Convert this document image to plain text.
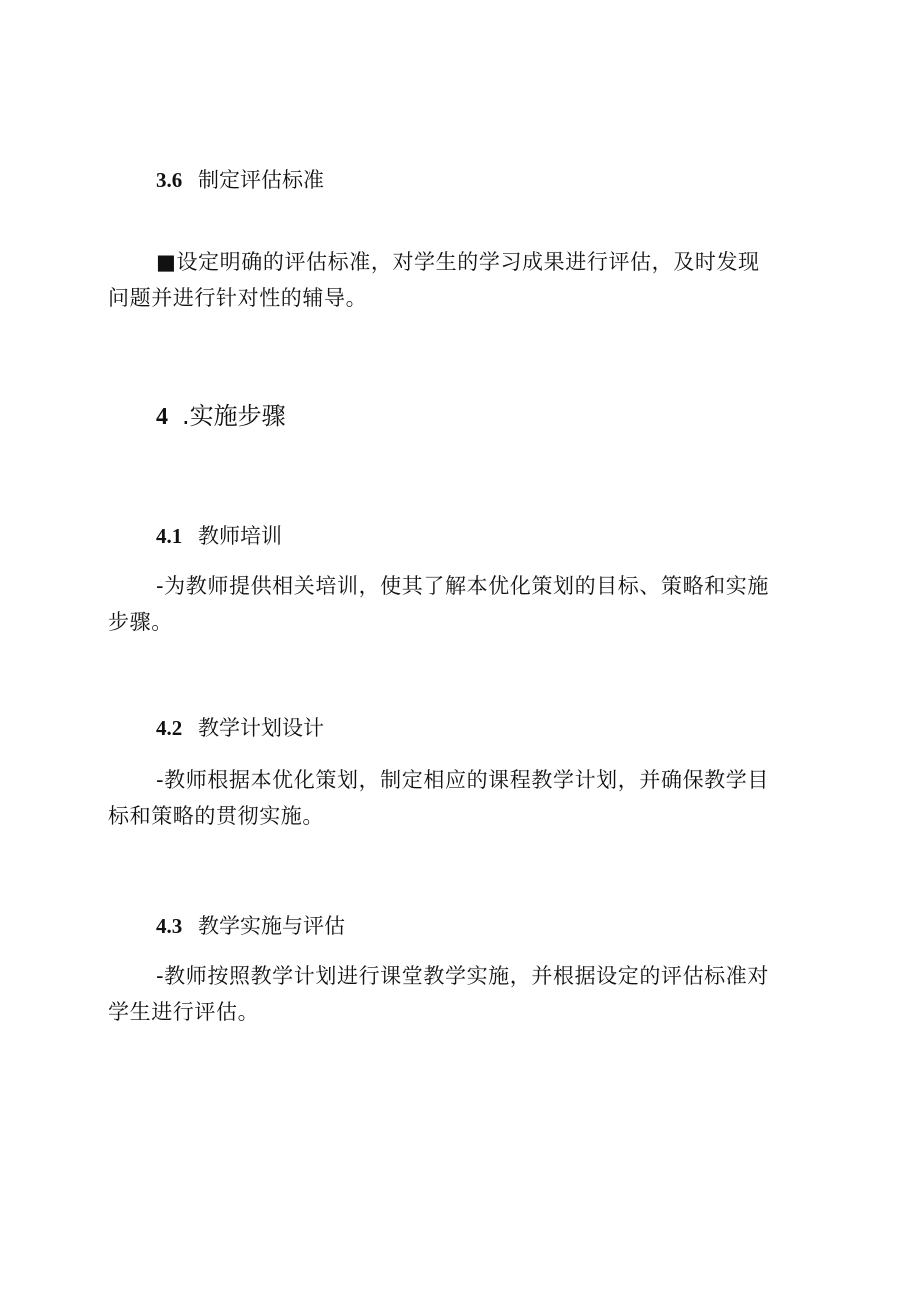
3.6 制定评估标准
■设定明确的评估标准，对学生的学习成果进行评估，及时发现
问题并进行针对性的辅导。
4 .实施步骤
4.1 教师培训
-为教师提供相关培训，使其了解本优化策划的目标、策略和实施
步骤。
4.2 教学计划设计
-教师根据本优化策划，制定相应的课程教学计划，并确保教学目
标和策略的贯彻实施。
4.3 教学实施与评估
-教师按照教学计划进行课堂教学实施，并根据设定的评估标准对
学生进行评估。
